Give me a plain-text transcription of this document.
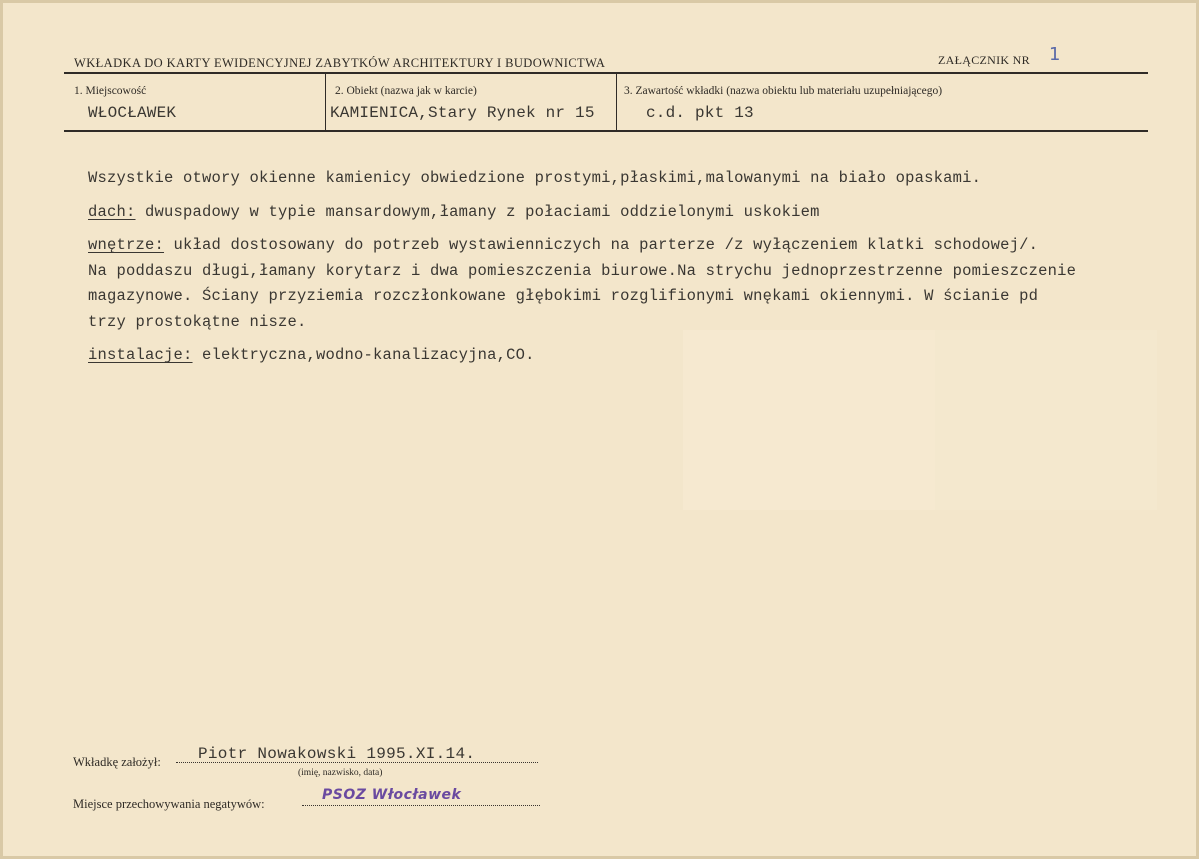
WKŁADKA DO KARTY EWIDENCYJNEJ ZABYTKÓW ARCHITEKTURY I BUDOWNICTWA	ZAŁĄCZNIK NR 1
1. Miejscowość
WŁOCŁAWEK
2. Obiekt (nazwa jak w karcie)
KAMIENICA,Stary Rynek nr 15
3. Zawartość wkładki (nazwa obiektu lub materiału uzupełniającego)
c.d. pkt 13

Wszystkie otwory okienne kamienicy obwiedzione prostymi,płaskimi,malowanymi na biało opaskami.

dach: dwuspadowy w typie mansardowym,łamany z połaciami oddzielonymi uskokiem

wnętrze: układ dostosowany do potrzeb wystawienniczych na parterze /z wyłączeniem klatki schodowej/.
Na poddaszu długi,łamany korytarz i dwa pomieszczenia biurowe.Na strychu jednoprzestrzenne pomieszczenie
magazynowe. Ściany przyziemia rozczłonkowane głębokimi rozglifionymi wnękami okiennymi. W ścianie pd
trzy prostokątne nisze.

instalacje: elektryczna,wodno-kanalizacyjna,CO.

Wkładkę założył: Piotr Nowakowski 1995.XI.14.
(imię, nazwisko, data)
Miejsce przechowywania negatywów:
PSOZ Włocławek
